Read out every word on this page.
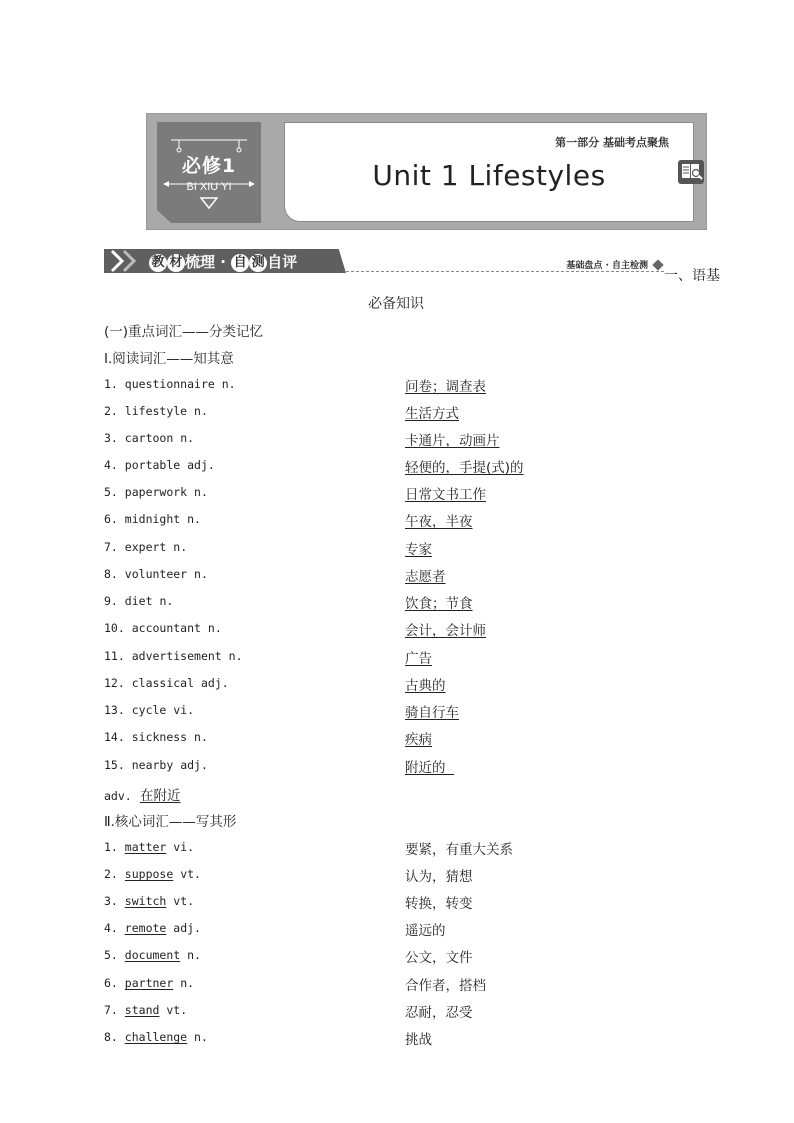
必修1
BI XIU YI
第一部分 基础考点聚焦
Unit 1 Lifestyles
教 材 梳理 · 自 测 自评	基础盘点 · 自主检测
一、语基
必备知识
(一)重点词汇——分类记忆
Ⅰ.阅读词汇——知其意
1. questionnaire n.	问卷；调查表
2. lifestyle n.	生活方式
3. cartoon n.	卡通片，动画片
4. portable adj.	轻便的，手提(式)的
5. paperwork n.	日常文书工作
6. midnight n.	午夜，半夜
7. expert n.	专家
8. volunteer n.	志愿者
9. diet n.	饮食；节食
10. accountant n.	会计，会计师
11. advertisement n.	广告
12. classical adj.	古典的
13. cycle vi.	骑自行车
14. sickness n.	疾病
15. nearby adj.	附近的
adv. 在附近
Ⅱ.核心词汇——写其形
1. matter vi.	要紧，有重大关系
2. suppose vt.	认为，猜想
3. switch vt.	转换，转变
4. remote adj.	遥远的
5. document n.	公文，文件
6. partner n.	合作者，搭档
7. stand vt.	忍耐，忍受
8. challenge n.	挑战
